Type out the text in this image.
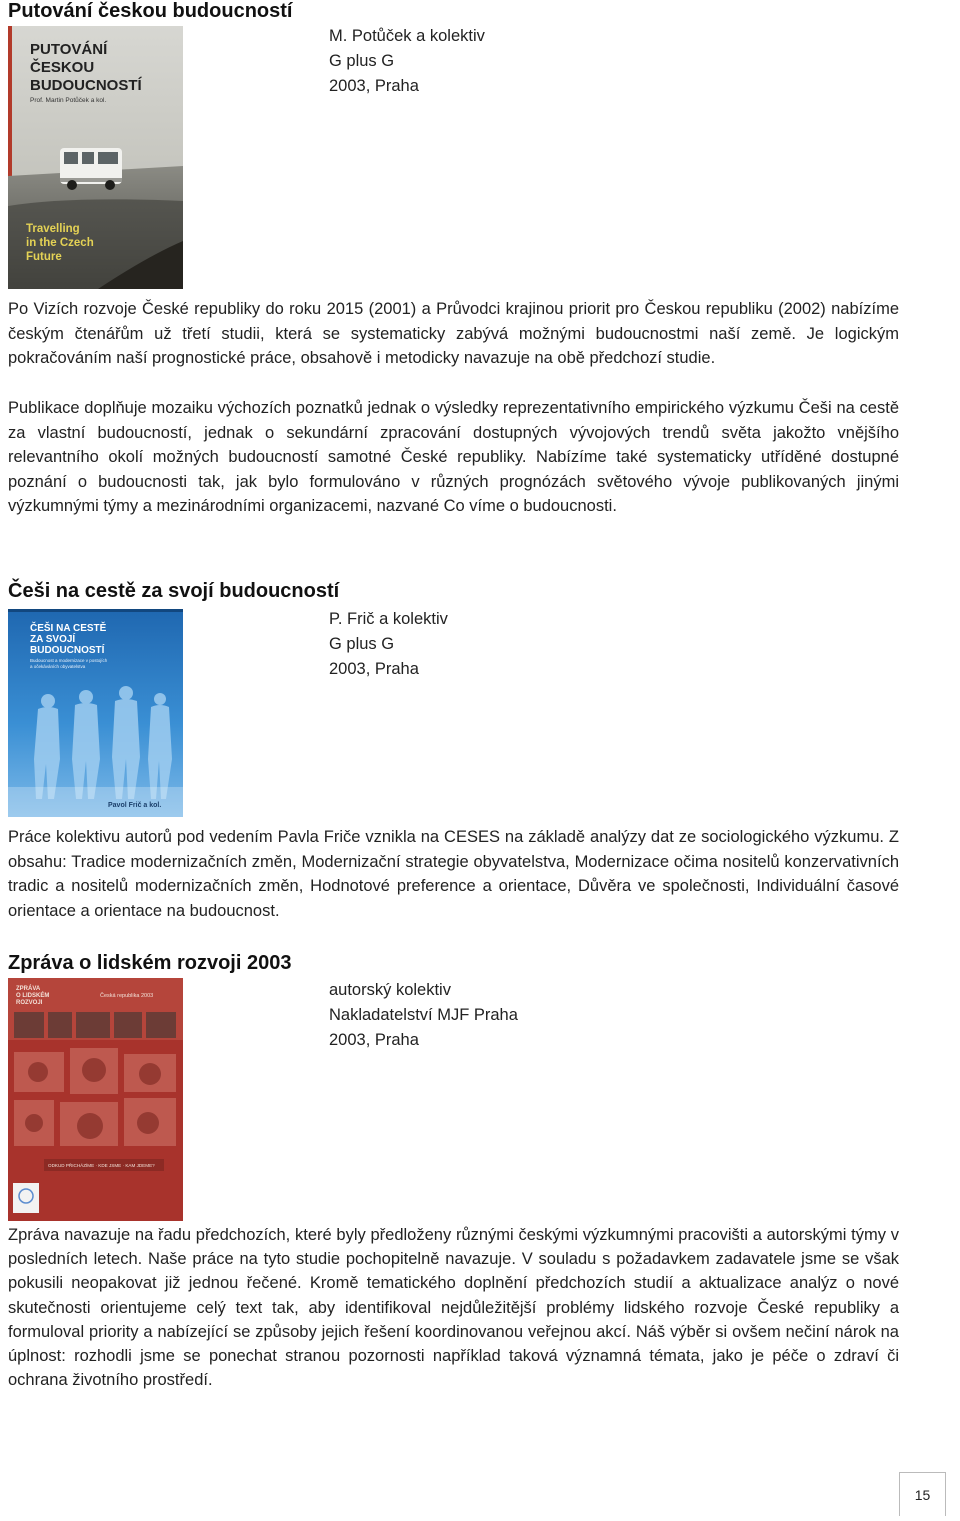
Putování českou budoucností
PUTOVÁNÍ
ČESKOU
BUDOUCNOSTÍ
Prof. Martin Potůček a kol.
Travelling
in the Czech
Future
M. Potůček a kolektiv
G plus G
2003, Praha

Po Vizích rozvoje České republiky do roku 2015 (2001) a Průvodci krajinou priorit pro Českou republiku (2002) nabízíme českým čtenářům už třetí studii, která se systematicky zabývá možnými budoucnostmi naší země. Je logickým pokračováním naší prognostické práce, obsahově i metodicky navazuje na obě předchozí studie.

Publikace doplňuje mozaiku výchozích poznatků jednak o výsledky reprezentativního empirického výzkumu Češi na cestě za vlastní budoucností, jednak o sekundární zpracování dostupných vývojových trendů světa jakožto vnějšího relevantního okolí možných budoucností samotné České republiky. Nabízíme také systematicky utříděné dostupné poznání o budoucnosti tak, jak bylo formulováno v různých prognózách světového vývoje publikovaných jinými výzkumnými týmy a mezinárodními organizacemi, nazvané Co víme o budoucnosti.

Češi na cestě za svojí budoucností
ČEŠI NA CESTĚ
ZA SVOJÍ
BUDOUCNOSTÍ
Budoucnost a modernizace v postojích
a očekáváních obyvatelstva
Pavol Frič a kol.
P. Frič a kolektiv
G plus G
2003, Praha

Práce kolektivu autorů pod vedením Pavla Friče vznikla na CESES na základě analýzy dat ze sociologického výzkumu. Z obsahu: Tradice modernizačních změn, Modernizační strategie obyvatelstva, Modernizace očima nositelů konzervativních tradic a nositelů modernizačních změn, Hodnotové preference a orientace, Důvěra ve společnosti, Individuální časové orientace a orientace na budoucnost.

Zpráva o lidském rozvoji 2003
ZPRÁVA
O LIDSKÉM
ROZVOJI
Česká republika 2003
ODKUD PŘICHÁZÍME · KDE JSME · KAM JDEME?
autorský kolektiv
Nakladatelství MJF Praha
2003, Praha

Zpráva navazuje na řadu předchozích, které byly předloženy různými českými výzkumnými pracovišti a autorskými týmy v posledních letech. Naše práce na tyto studie pochopitelně navazuje. V souladu s požadavkem zadavatele jsme se však pokusili neopakovat již jednou řečené. Kromě tematického doplnění předchozích studií a aktualizace analýz o nové skutečnosti orientujeme celý text tak, aby identifikoval nejdůležitější problémy lidského rozvoje České republiky a formuloval priority a nabízející se způsoby jejich řešení koordinovanou veřejnou akcí. Náš výběr si ovšem nečiní nárok na úplnost: rozhodli jsme se ponechat stranou pozornosti například taková významná témata, jako je péče o zdraví či ochrana životního prostředí.

15
